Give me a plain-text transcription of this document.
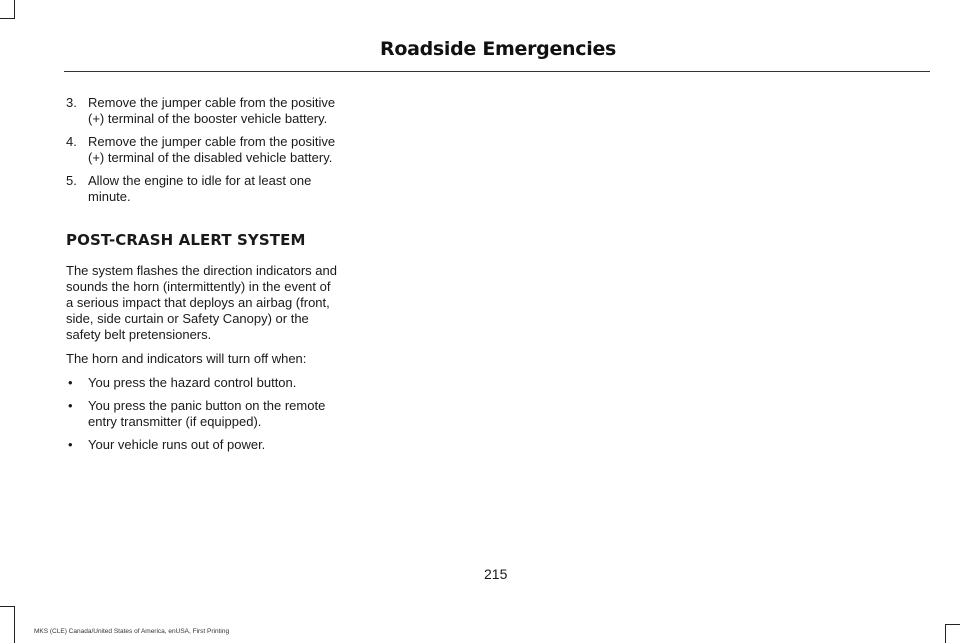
Roadside Emergencies
3. Remove the jumper cable from the positive (+) terminal of the booster vehicle battery.
4. Remove the jumper cable from the positive (+) terminal of the disabled vehicle battery.
5. Allow the engine to idle for at least one minute.
POST-CRASH ALERT SYSTEM
The system flashes the direction indicators and sounds the horn (intermittently) in the event of a serious impact that deploys an airbag (front, side, side curtain or Safety Canopy) or the safety belt pretensioners.
The horn and indicators will turn off when:
• You press the hazard control button.
• You press the panic button on the remote entry transmitter (if equipped).
• Your vehicle runs out of power.
215
MKS (CLE) Canada/United States of America, enUSA, First Printing
